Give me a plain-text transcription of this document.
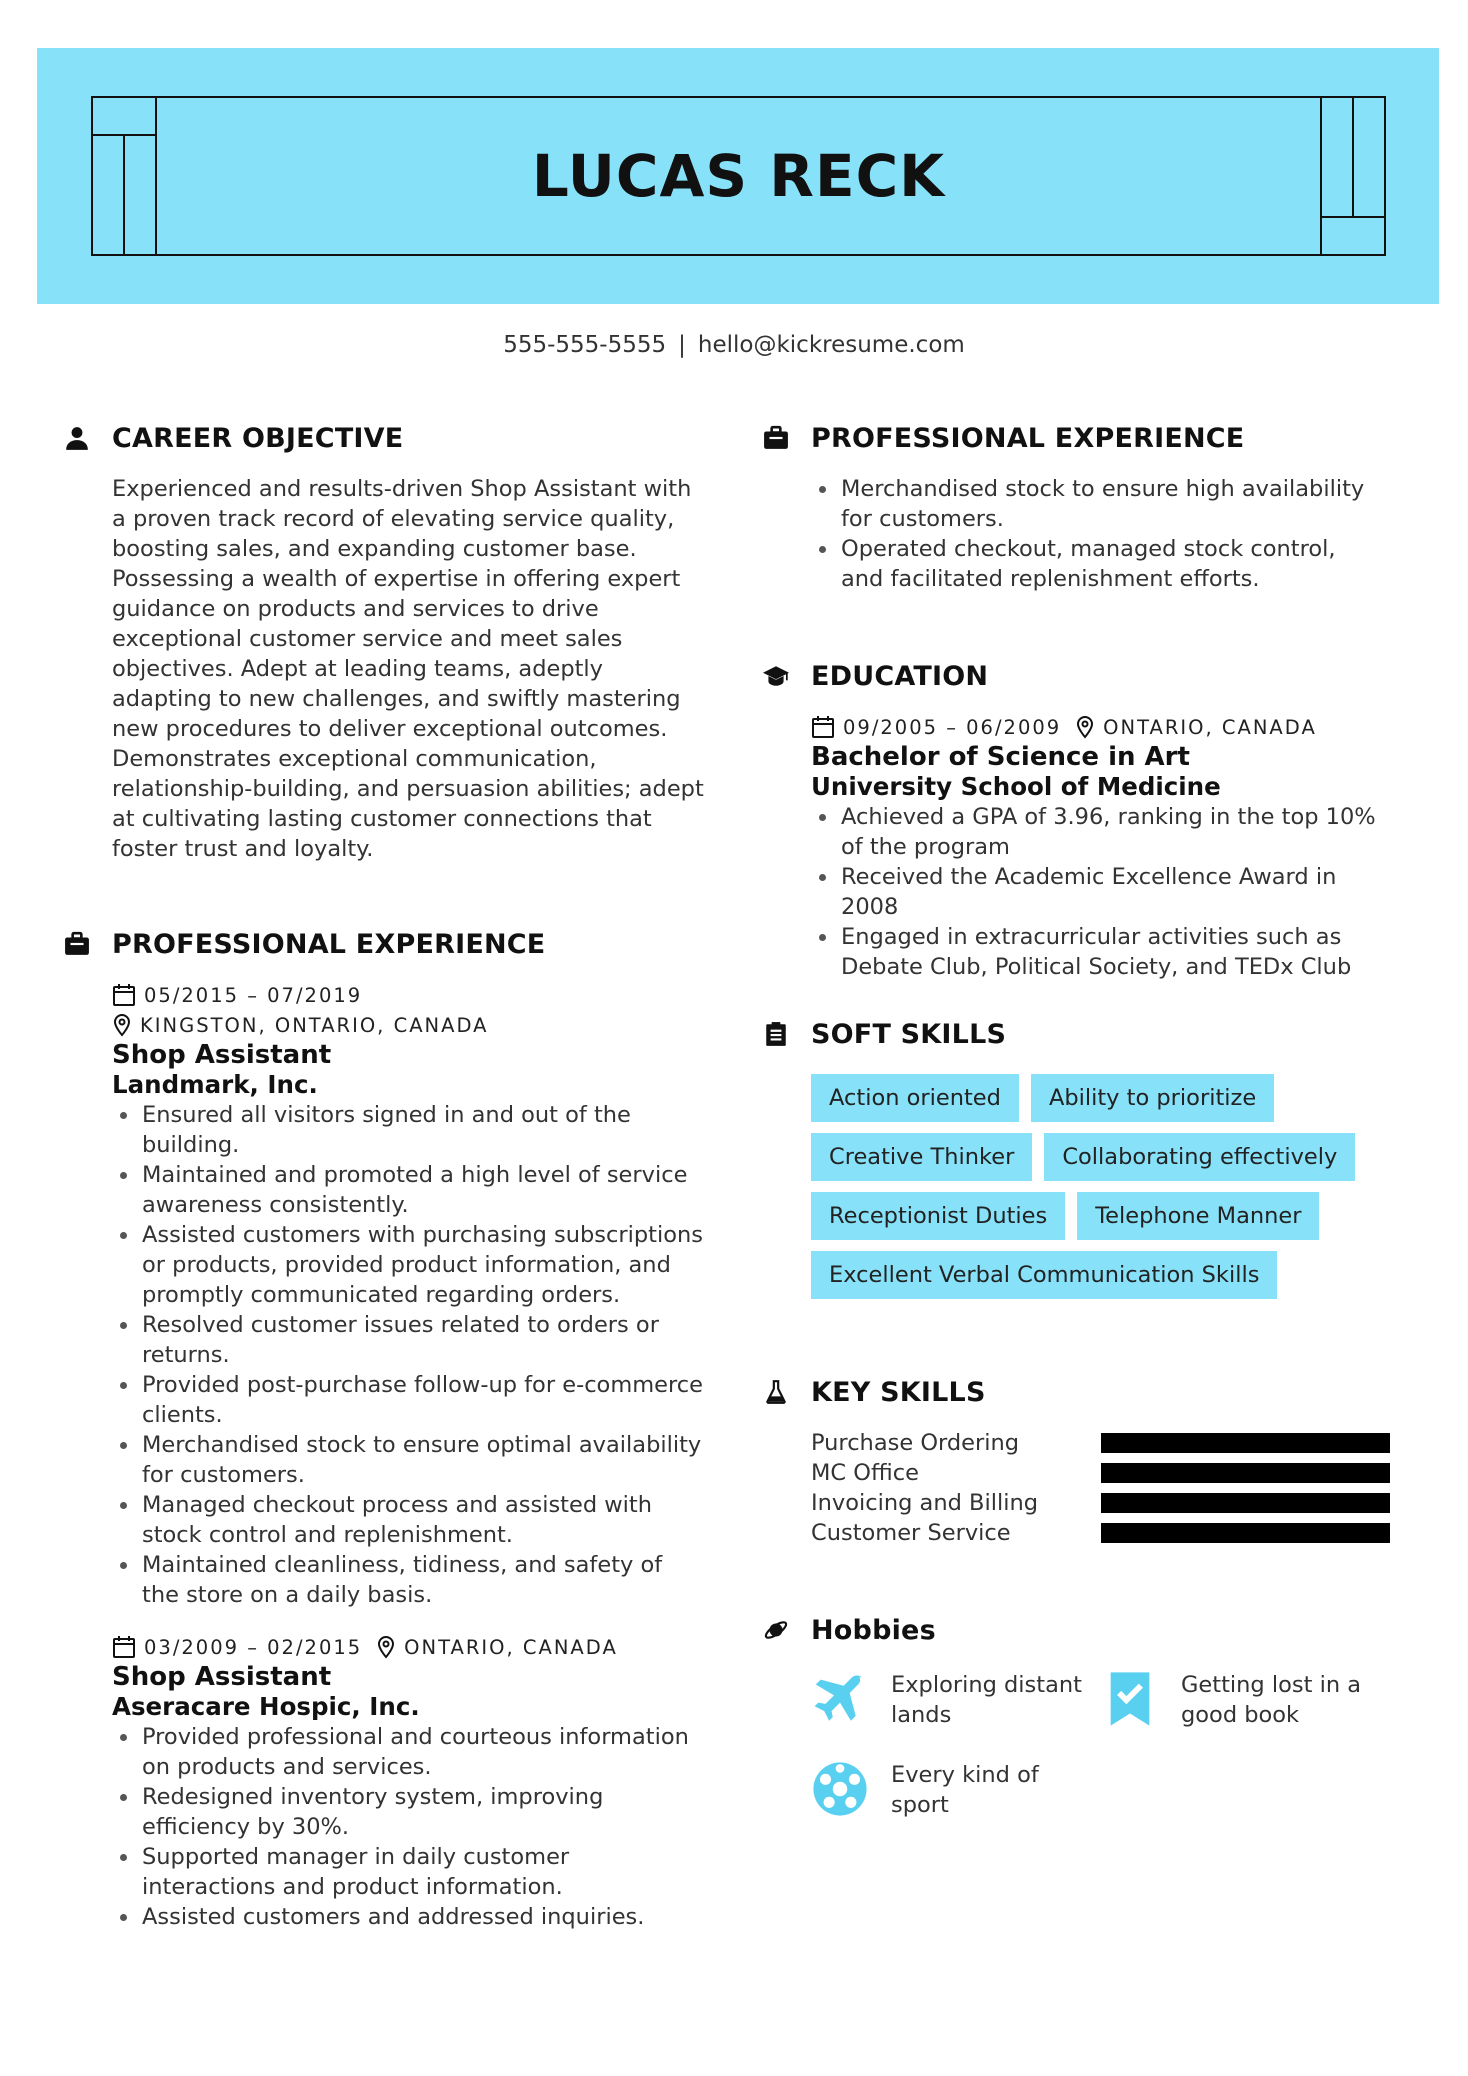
LUCAS RECK
555-555-5555 | hello@kickresume.com
CAREER OBJECTIVE

Experienced and results-driven Shop Assistant with a proven track record of elevating service quality, boosting sales, and expanding customer base. Possessing a wealth of expertise in offering expert guidance on products and services to drive exceptional customer service and meet sales objectives. Adept at leading teams, adeptly adapting to new challenges, and swiftly mastering new procedures to deliver exceptional outcomes. Demonstrates exceptional communication, relationship-building, and persuasion abilities; adept at cultivating lasting customer connections that foster trust and loyalty.

PROFESSIONAL EXPERIENCE
05/2015 – 07/2019
KINGSTON, ONTARIO, CANADA
Shop Assistant
Landmark, Inc.
Ensured all visitors signed in and out of the building.
Maintained and promoted a high level of service awareness consistently.
Assisted customers with purchasing subscriptions or products, provided product information, and promptly communicated regarding orders.
Resolved customer issues related to orders or returns.
Provided post-purchase follow-up for e-commerce clients.
Merchandised stock to ensure optimal availability for customers.
Managed checkout process and assisted with stock control and replenishment.
Maintained cleanliness, tidiness, and safety of the store on a daily basis.
03/2009 – 02/2015 ONTARIO, CANADA
Shop Assistant
Aseracare Hospic, Inc.
Provided professional and courteous information on products and services.
Redesigned inventory system, improving efficiency by 30%.
Supported manager in daily customer interactions and product information.
Assisted customers and addressed inquiries.
PROFESSIONAL EXPERIENCE
Merchandised stock to ensure high availability for customers.
Operated checkout, managed stock control, and facilitated replenishment efforts.
EDUCATION
09/2005 – 06/2009 ONTARIO, CANADA
Bachelor of Science in Art
University School of Medicine
Achieved a GPA of 3.96, ranking in the top 10% of the program
Received the Academic Excellence Award in 2008
Engaged in extracurricular activities such as Debate Club, Political Society, and TEDx Club
SOFT SKILLS
Action oriented	Ability to prioritize
Creative Thinker	Collaborating effectively
Receptionist Duties	Telephone Manner
Excellent Verbal Communication Skills
KEY SKILLS
Purchase Ordering
MC Office
Invoicing and Billing
Customer Service
Hobbies
Exploring distant lands
Getting lost in a good book
Every kind of sport
